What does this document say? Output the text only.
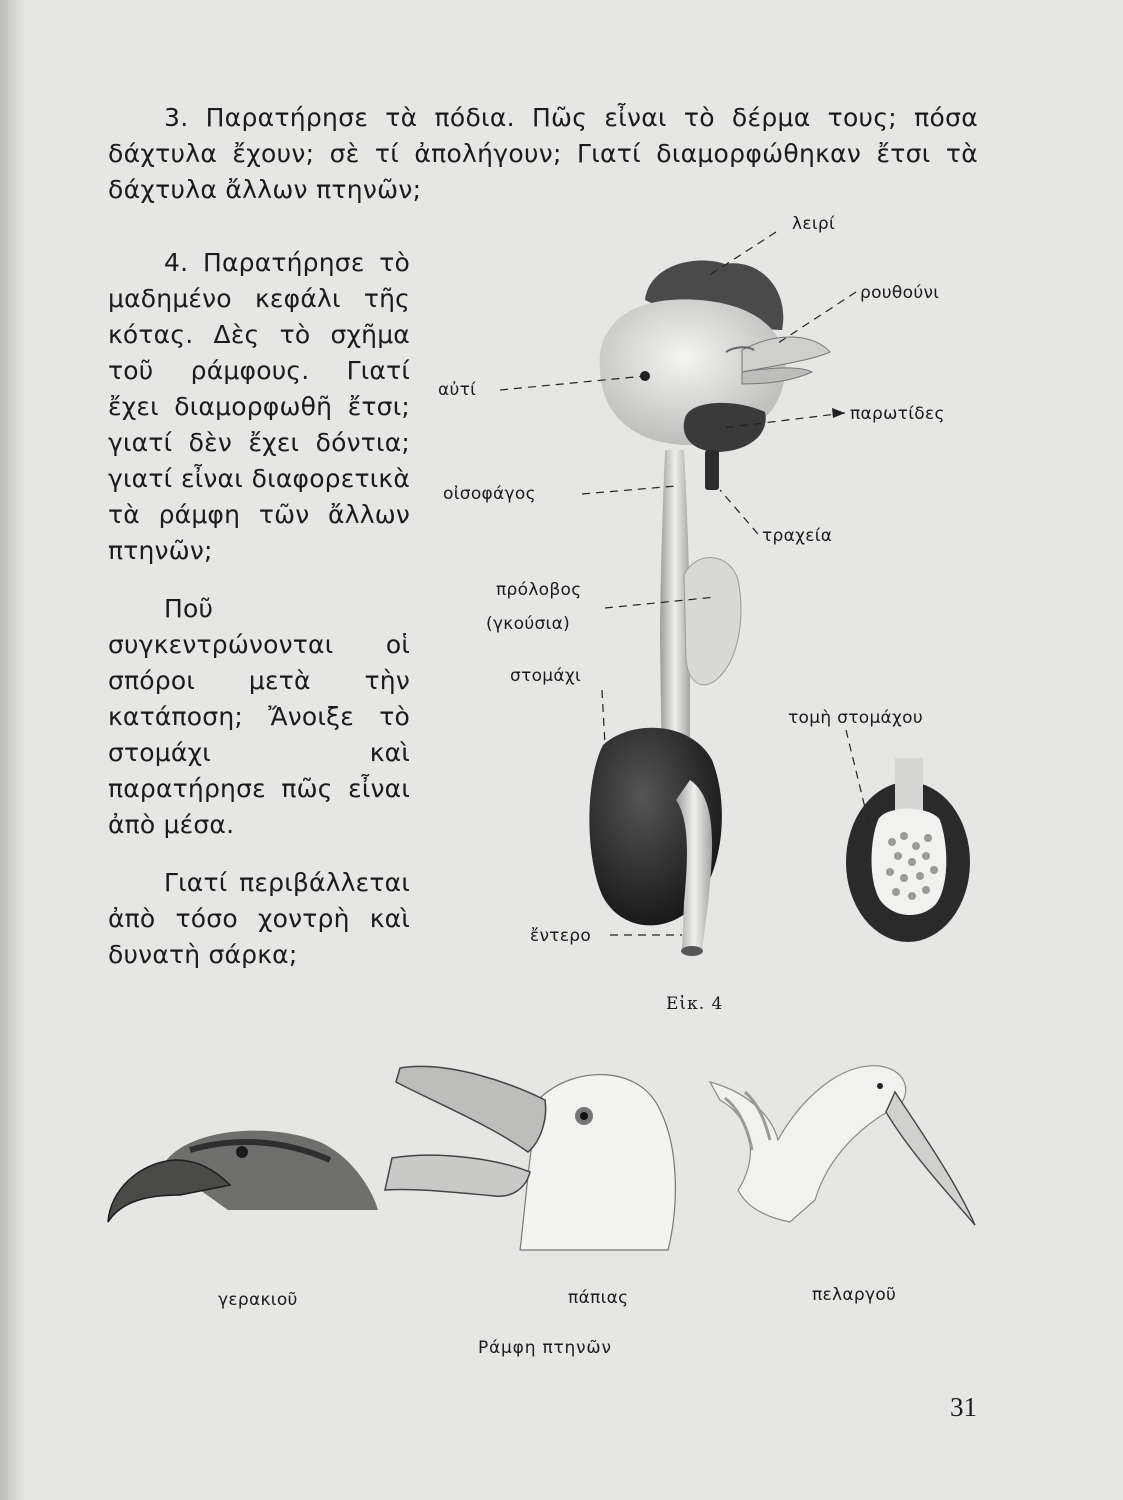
3. Παρατήρησε τὰ πόδια. Πῶς εἶναι τὸ δέρμα τους; πόσα δάχτυλα ἔχουν; σὲ τί ἀπολήγουν; Γιατί διαμορφώθηκαν ἔτσι τὰ δάχτυλα ἄλλων πτηνῶν;

4. Παρατήρησε τὸ μαδημένο κεφάλι τῆς κότας. Δὲς τὸ σχῆμα τοῦ ράμφους. Γιατί ἔχει διαμορφωθῆ ἔτσι; γιατί δὲν ἔχει δόντια; γιατί εἶναι διαφορετικὰ τὰ ράμφη τῶν ἄλλων πτηνῶν;

Ποῦ συγκεντρώνονται οἱ σπόροι μετὰ τὴν κατάποση; Ἄνοιξε τὸ στομάχι καὶ παρατήρησε πῶς εἶναι ἀπὸ μέσα.

Γιατί περιβάλλεται ἀπὸ τόσο χοντρὴ καὶ δυνατὴ σάρκα;

λειρί
ρουθούνι
αὐτί
παρωτίδες
οἰσοφάγος
τραχεία
πρόλοβος
(γκούσια)
στομάχι
τομὴ στομάχου
ἔντερο
Εἰκ. 4
γερακιοῦ	πάπιας	πελαργοῦ
Ράμφη πτηνῶν
31
